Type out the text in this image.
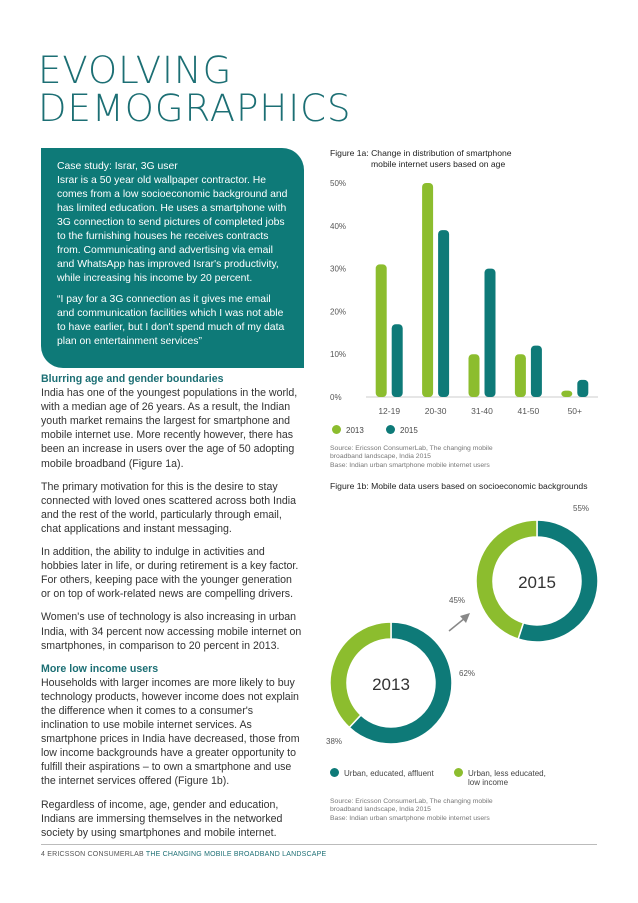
EVOLVING
DEMOGRAPHICS

Case study: Israr, 3G user

Israr is a 50 year old wallpaper contractor. He comes from a low socioeconomic background and has limited education. He uses a smartphone with 3G connection to send pictures of completed jobs to the furnishing houses he receives contracts from. Communicating and advertising via email and WhatsApp has improved Israr's productivity, while increasing his income by 20 percent.

“I pay for a 3G connection as it gives me email and communication facilities which I was not able to have earlier, but I don't spend much of my data plan on entertainment services”

Blurring age and gender boundaries
India has one of the youngest populations in the world, with a median age of 26 years. As a result, the Indian youth market remains the largest for smartphone and mobile internet use. More recently however, there has been an increase in users over the age of 50 adopting mobile broadband (Figure 1a).

The primary motivation for this is the desire to stay connected with loved ones scattered across both India and the rest of the world, particularly through email, chat applications and instant messaging.

In addition, the ability to indulge in activities and hobbies later in life, or during retirement is a key factor. For others, keeping pace with the younger generation or on top of work-related news are compelling drivers.

Women's use of technology is also increasing in urban India, with 34 percent now accessing mobile internet on smartphones, in comparison to 20 percent in 2013.

More low income users
Households with larger incomes are more likely to buy technology products, however income does not explain the difference when it comes to a consumer's inclination to use mobile internet services. As smartphone prices in India have decreased, those from low income backgrounds have a greater opportunity to fulfill their aspirations – to own a smartphone and use the internet services offered (Figure 1b).

Regardless of income, age, gender and education, Indians are immersing themselves in the networked society by using smartphones and mobile internet.

Figure 1a: Change in distribution of smartphone
mobile internet users based on age
0%
10%
20%
30%
40%
50%
12-19	20-30	31-40	41-50	50+
2013	2015
Source: Ericsson ConsumerLab, The changing mobile
broadband landscape, India 2015
Base: Indian urban smartphone mobile internet users
Figure 1b: Mobile data users based on socioeconomic backgrounds
2013
2015
62%
38%
55%
45%
Urban, educated, affluent	Urban, less educated,
low income
Source: Ericsson ConsumerLab, The changing mobile
broadband landscape, India 2015
Base: Indian urban smartphone mobile internet users
4 ERICSSON CONSUMERLAB THE CHANGING MOBILE BROADBAND LANDSCAPE
